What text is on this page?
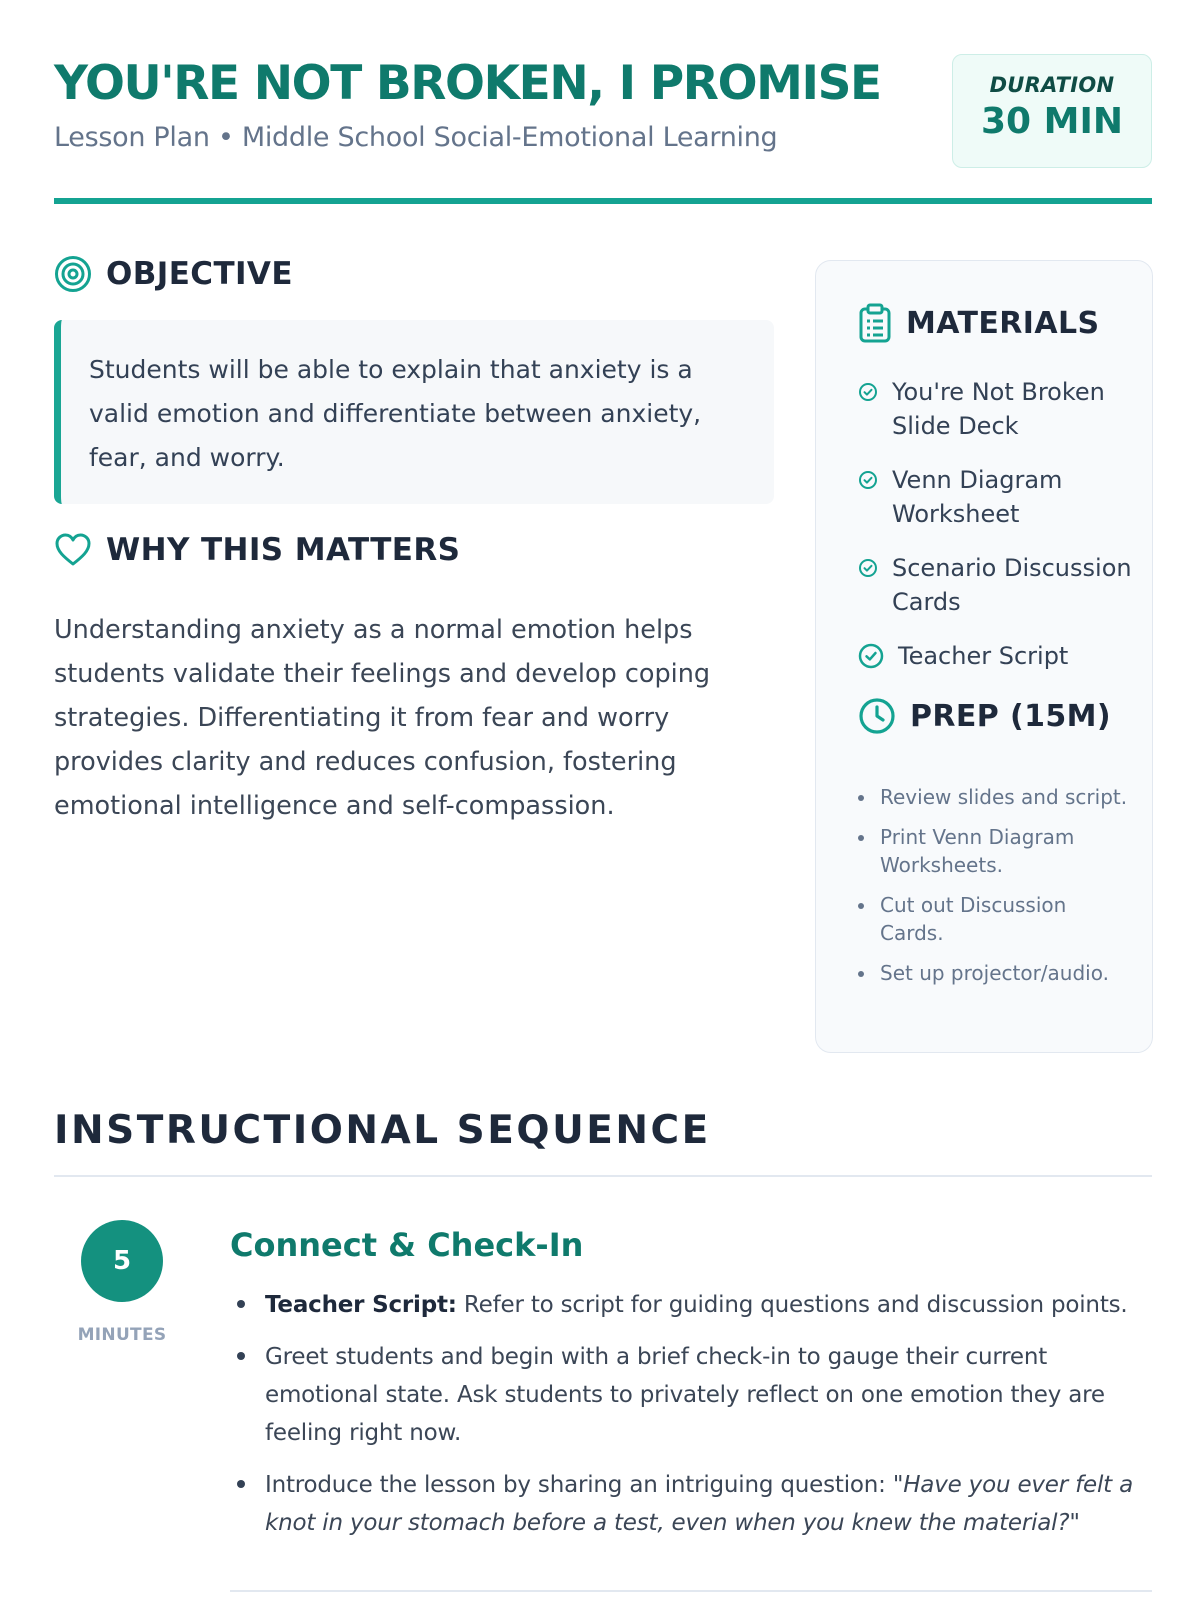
YOU'RE NOT BROKEN, I PROMISE
Lesson Plan • Middle School Social-Emotional Learning
DURATION
30 MIN
OBJECTIVE
Students will be able to explain that anxiety is a valid emotion and differentiate between anxiety, fear, and worry.
WHY THIS MATTERS
Understanding anxiety as a normal emotion helps students validate their feelings and develop coping strategies. Differentiating it from fear and worry provides clarity and reduces confusion, fostering emotional intelligence and self-compassion.
MATERIALS
You're Not Broken Slide Deck
Venn Diagram Worksheet
Scenario Discussion Cards
Teacher Script
PREP (15M)
Review slides and script.
Print Venn Diagram Worksheets.
Cut out Discussion Cards.
Set up projector/audio.
INSTRUCTIONAL SEQUENCE
5
MINUTES
Connect & Check-In
Teacher Script: Refer to script for guiding questions and discussion points.
Greet students and begin with a brief check-in to gauge their current emotional state. Ask students to privately reflect on one emotion they are feeling right now.
Introduce the lesson by sharing an intriguing question: "Have you ever felt a knot in your stomach before a test, even when you knew the material?"
